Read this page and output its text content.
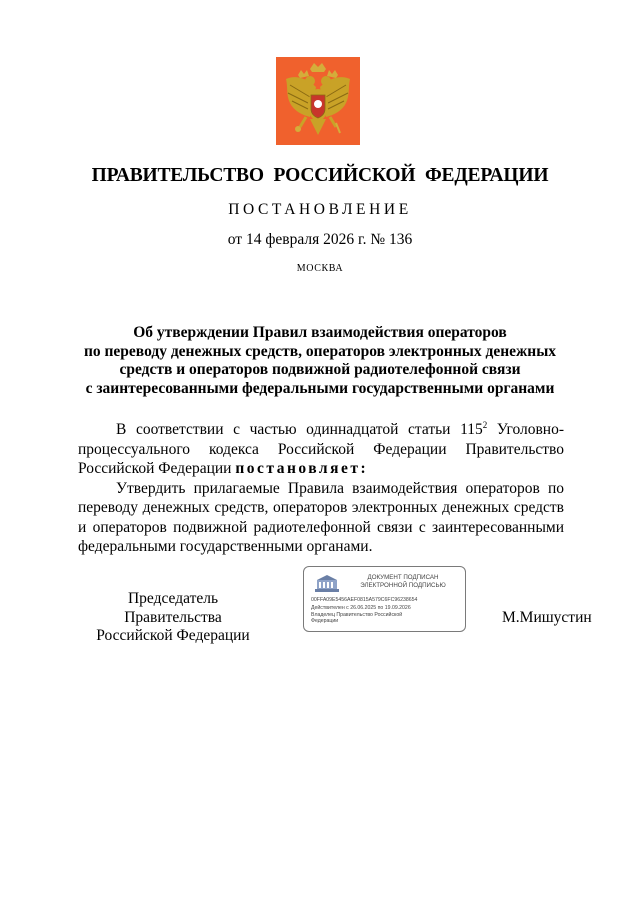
ПРАВИТЕЛЬСТВО РОССИЙСКОЙ ФЕДЕРАЦИИ
ПОСТАНОВЛЕНИЕ
от 14 февраля 2026 г. № 136
МОСКВА
Об утверждении Правил взаимодействия операторов
по переводу денежных средств, операторов электронных денежных
средств и операторов подвижной радиотелефонной связи
с заинтересованными федеральными государственными органами

В соответствии с частью одиннадцатой статьи $115^2$ Уголовно-процессуального кодекса Российской Федерации Правительство Российской Федерации постановляет:

Утвердить прилагаемые Правила взаимодействия операторов по переводу денежных средств, операторов электронных денежных средств и операторов подвижной радиотелефонной связи с заинтересованными федеральными государственными органами.

Председатель Правительства
Российской Федерации
ДОКУМЕНТ ПОДПИСАН
ЭЛЕКТРОННОЙ ПОДПИСЬЮ
00FFA09E5456AEF0815A579C6FC96238654
Действителен с 26.06.2025 по 19.09.2026
Владелец Правительство Российской
Федерации	М.Мишустин
